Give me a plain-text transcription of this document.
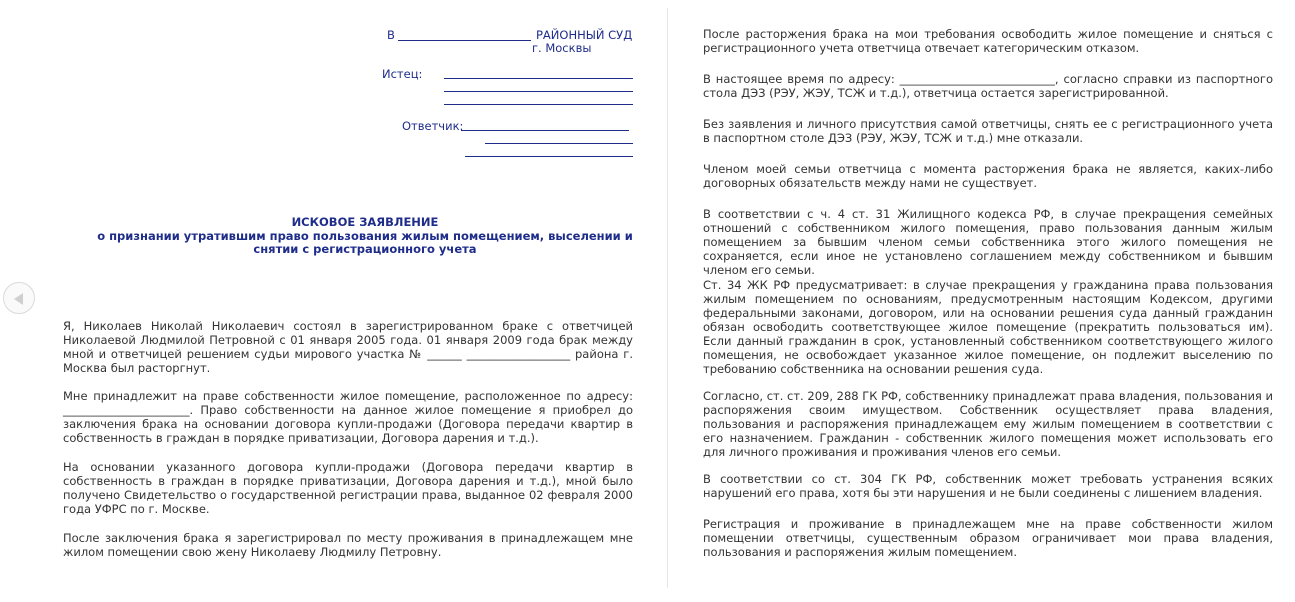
В	РАЙОННЫЙ СУД
г. Москвы
Истец:
Ответчик:
ИСКОВОЕ ЗАЯВЛЕНИЕ
о признании утратившим право пользования жилым помещением, выселении и
снятии с регистрационного учета

Я, Николаев Николай Николаевич состоял в зарегистрированном браке с ответчицей Николаевой Людмилой Петровной с 01 января 2005 года. 01 января 2009 года брак между мной и ответчицей решением судьи мирового участка № ______ __________________ района г. Москва был расторгнут.

Мне принадлежит на праве собственности жилое помещение, расположенное по адресу: ______________________. Право собственности на данное жилое помещение я приобрел до заключения брака на основании договора купли-продажи (Договора передачи квартир в собственность в граждан в порядке приватизации, Договора дарения и т.д.).

На основании указанного договора купли-продажи (Договора передачи квартир в собственность в граждан в порядке приватизации, Договора дарения и т.д.), мной было получено Свидетельство о государственной регистрации права, выданное 02 февраля 2000 года УФРС по г. Москве.

После заключения брака я зарегистрировал по месту проживания в принадлежащем мне жилом помещении свою жену Николаеву Людмилу Петровну.

После расторжения брака на мои требования освободить жилое помещение и сняться с регистрационного учета ответчица отвечает категорическим отказом.

В настоящее время по адресу: ___________________________, согласно справки из паспортного стола ДЭЗ (РЭУ, ЖЭУ, ТСЖ и т.д.), ответчица остается зарегистрированной.

Без заявления и личного присутствия самой ответчицы, снять ее с регистрационного учета в паспортном столе ДЭЗ (РЭУ, ЖЭУ, ТСЖ и т.д.) мне отказали.

Членом моей семьи ответчица с момента расторжения брака не является, каких-либо договорных обязательств между нами не существует.

В соответствии с ч. 4 ст. 31 Жилищного кодекса РФ, в случае прекращения семейных отношений с собственником жилого помещения, право пользования данным жилым помещением за бывшим членом семьи собственника этого жилого помещения не сохраняется, если иное не установлено соглашением между собственником и бывшим членом его семьи.

Ст. 34 ЖК РФ предусматривает: в случае прекращения у гражданина права пользования жилым помещением по основаниям, предусмотренным настоящим Кодексом, другими федеральными законами, договором, или на основании решения суда данный гражданин обязан освободить соответствующее жилое помещение (прекратить пользоваться им). Если данный гражданин в срок, установленный собственником соответствующего жилого помещения, не освобождает указанное жилое помещение, он подлежит выселению по требованию собственника на основании решения суда.

Согласно, ст. ст. 209, 288 ГК РФ, собственнику принадлежат права владения, пользования и распоряжения своим имуществом. Собственник осуществляет права владения, пользования и распоряжения принадлежащем ему жилым помещением в соответствии с его назначением. Гражданин - собственник жилого помещения может использовать его для личного проживания и проживания членов его семьи.

В соответствии со ст. 304 ГК РФ, собственник может требовать устранения всяких нарушений его права, хотя бы эти нарушения и не были соединены с лишением владения.

Регистрация и проживание в принадлежащем мне на праве собственности жилом помещении ответчицы, существенным образом ограничивает мои права владения, пользования и распоряжения жилым помещением.
